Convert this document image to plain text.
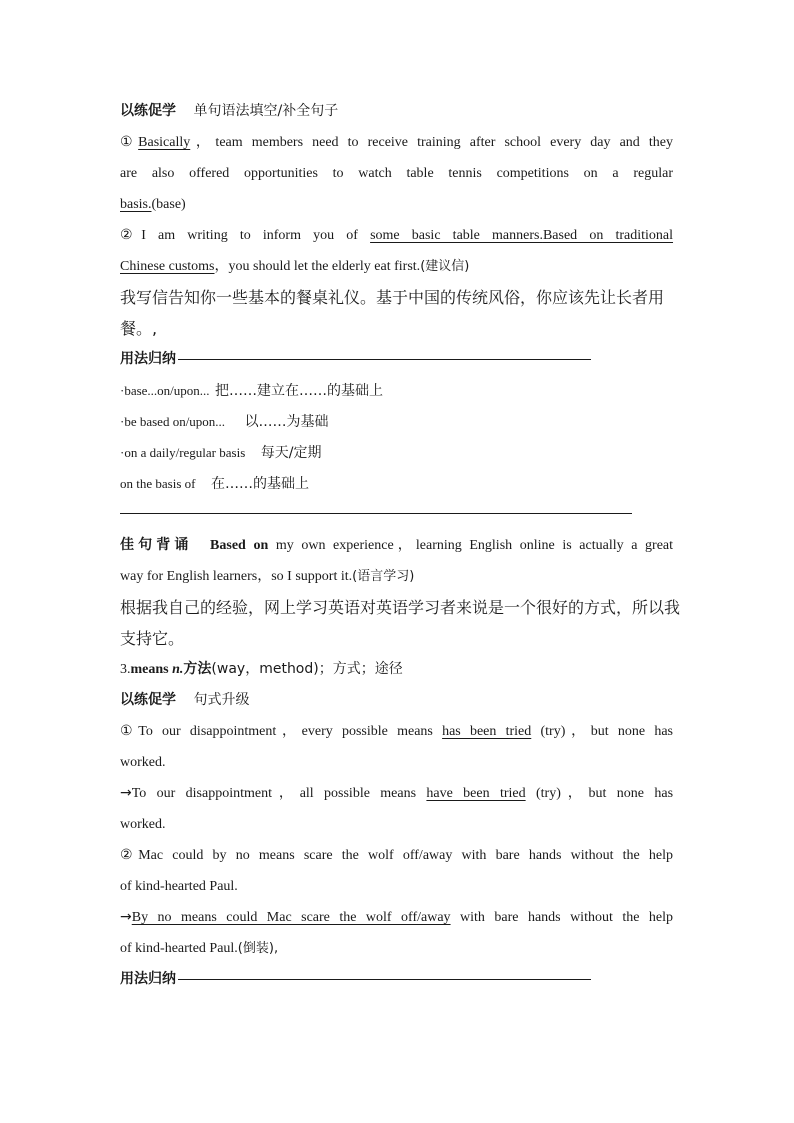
以练促学 单句语法填空/补全句子
①Basically，team members need to receive training after school every day and they
are also offered opportunities to watch table tennis competitions on a regular
basis.(base)
②I am writing to inform you of some basic table manners.Based on traditional
Chinese customs，you should let the elderly eat first.(建议信)
我写信告知你一些基本的餐桌礼仪。基于中国的传统风俗，你应该先让长者用
餐。,
用法归纳
·base...on/upon... 把……建立在……的基础上
·be based on/upon... 以……为基础
·on a daily/regular basis 每天/定期
on the basis of 在……的基础上
佳句背诵 Based on my own experience，learning English online is actually a great
way for English learners，so I support it.(语言学习)
根据我自己的经验，网上学习英语对英语学习者来说是一个很好的方式，所以我
支持它。
3.means n.方法(way，method)；方式；途径
以练促学 句式升级
①To our disappointment，every possible means has been tried (try)，but none has
worked.
→To our disappointment，all possible means have been tried (try)，but none has
worked.
②Mac could by no means scare the wolf off/away with bare hands without the help
of kind-hearted Paul.
→By no means could Mac scare the wolf off/away with bare hands without the help
of kind-hearted Paul.(倒装),
用法归纳
